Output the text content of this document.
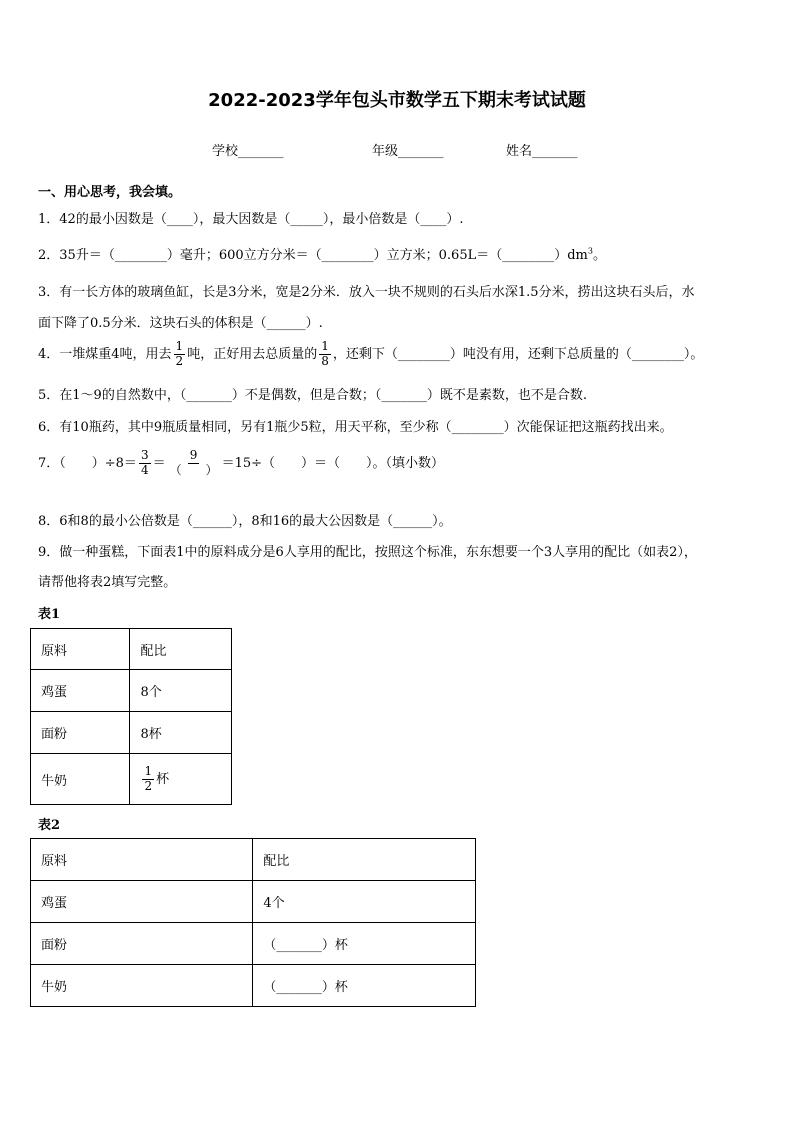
2022-2023学年包头市数学五下期末考试试题
学校_______	年级_______	姓名_______
一、用心思考，我会填。
1．42的最小因数是（____），最大因数是（_____），最小倍数是（____）.
2．35升＝（________）毫升；600立方分米＝（________）立方米；$0.65L=(\_\_\_\_\_\_\_\_)dm^3$。
3．有一长方体的玻璃鱼缸，长是3分米，宽是2分米．放入一块不规则的石头后水深1.5分米，捞出这块石头后，水
面下降了0.5分米．这块石头的体积是（______）.
4．一堆煤重4吨，用去 $\frac{1}{2}$ 吨，正好用去总质量的 $\frac{1}{8}$ ，还剩下（________）吨没有用，还剩下总质量的（________）。
5．在1～9的自然数中，（_______）不是偶数，但是合数；（_______）既不是素数，也不是合数.
6．有10瓶药，其中9瓶质量相同，另有1瓶少5粒，用天平称，至少称（________）次能保证把这瓶药找出来。
7．（　　）$\div 8= \frac{3}{4} = \frac{9}{( )} =15\div$（　　）＝（　　）。（填小数）
8．6和8的最小公倍数是（______），8和16的最大公因数是（______）。
9．做一种蛋糕，下面表1中的原料成分是6人享用的配比，按照这个标准，东东想要一个3人享用的配比（如表2），
请帮他将表2填写完整。
表1
原料	配比
鸡蛋	8个
面粉	8杯
牛奶	$\frac{1}{2}$ 杯
表2
原料	配比
鸡蛋	4个
面粉	（_______）杯
牛奶	（_______）杯
